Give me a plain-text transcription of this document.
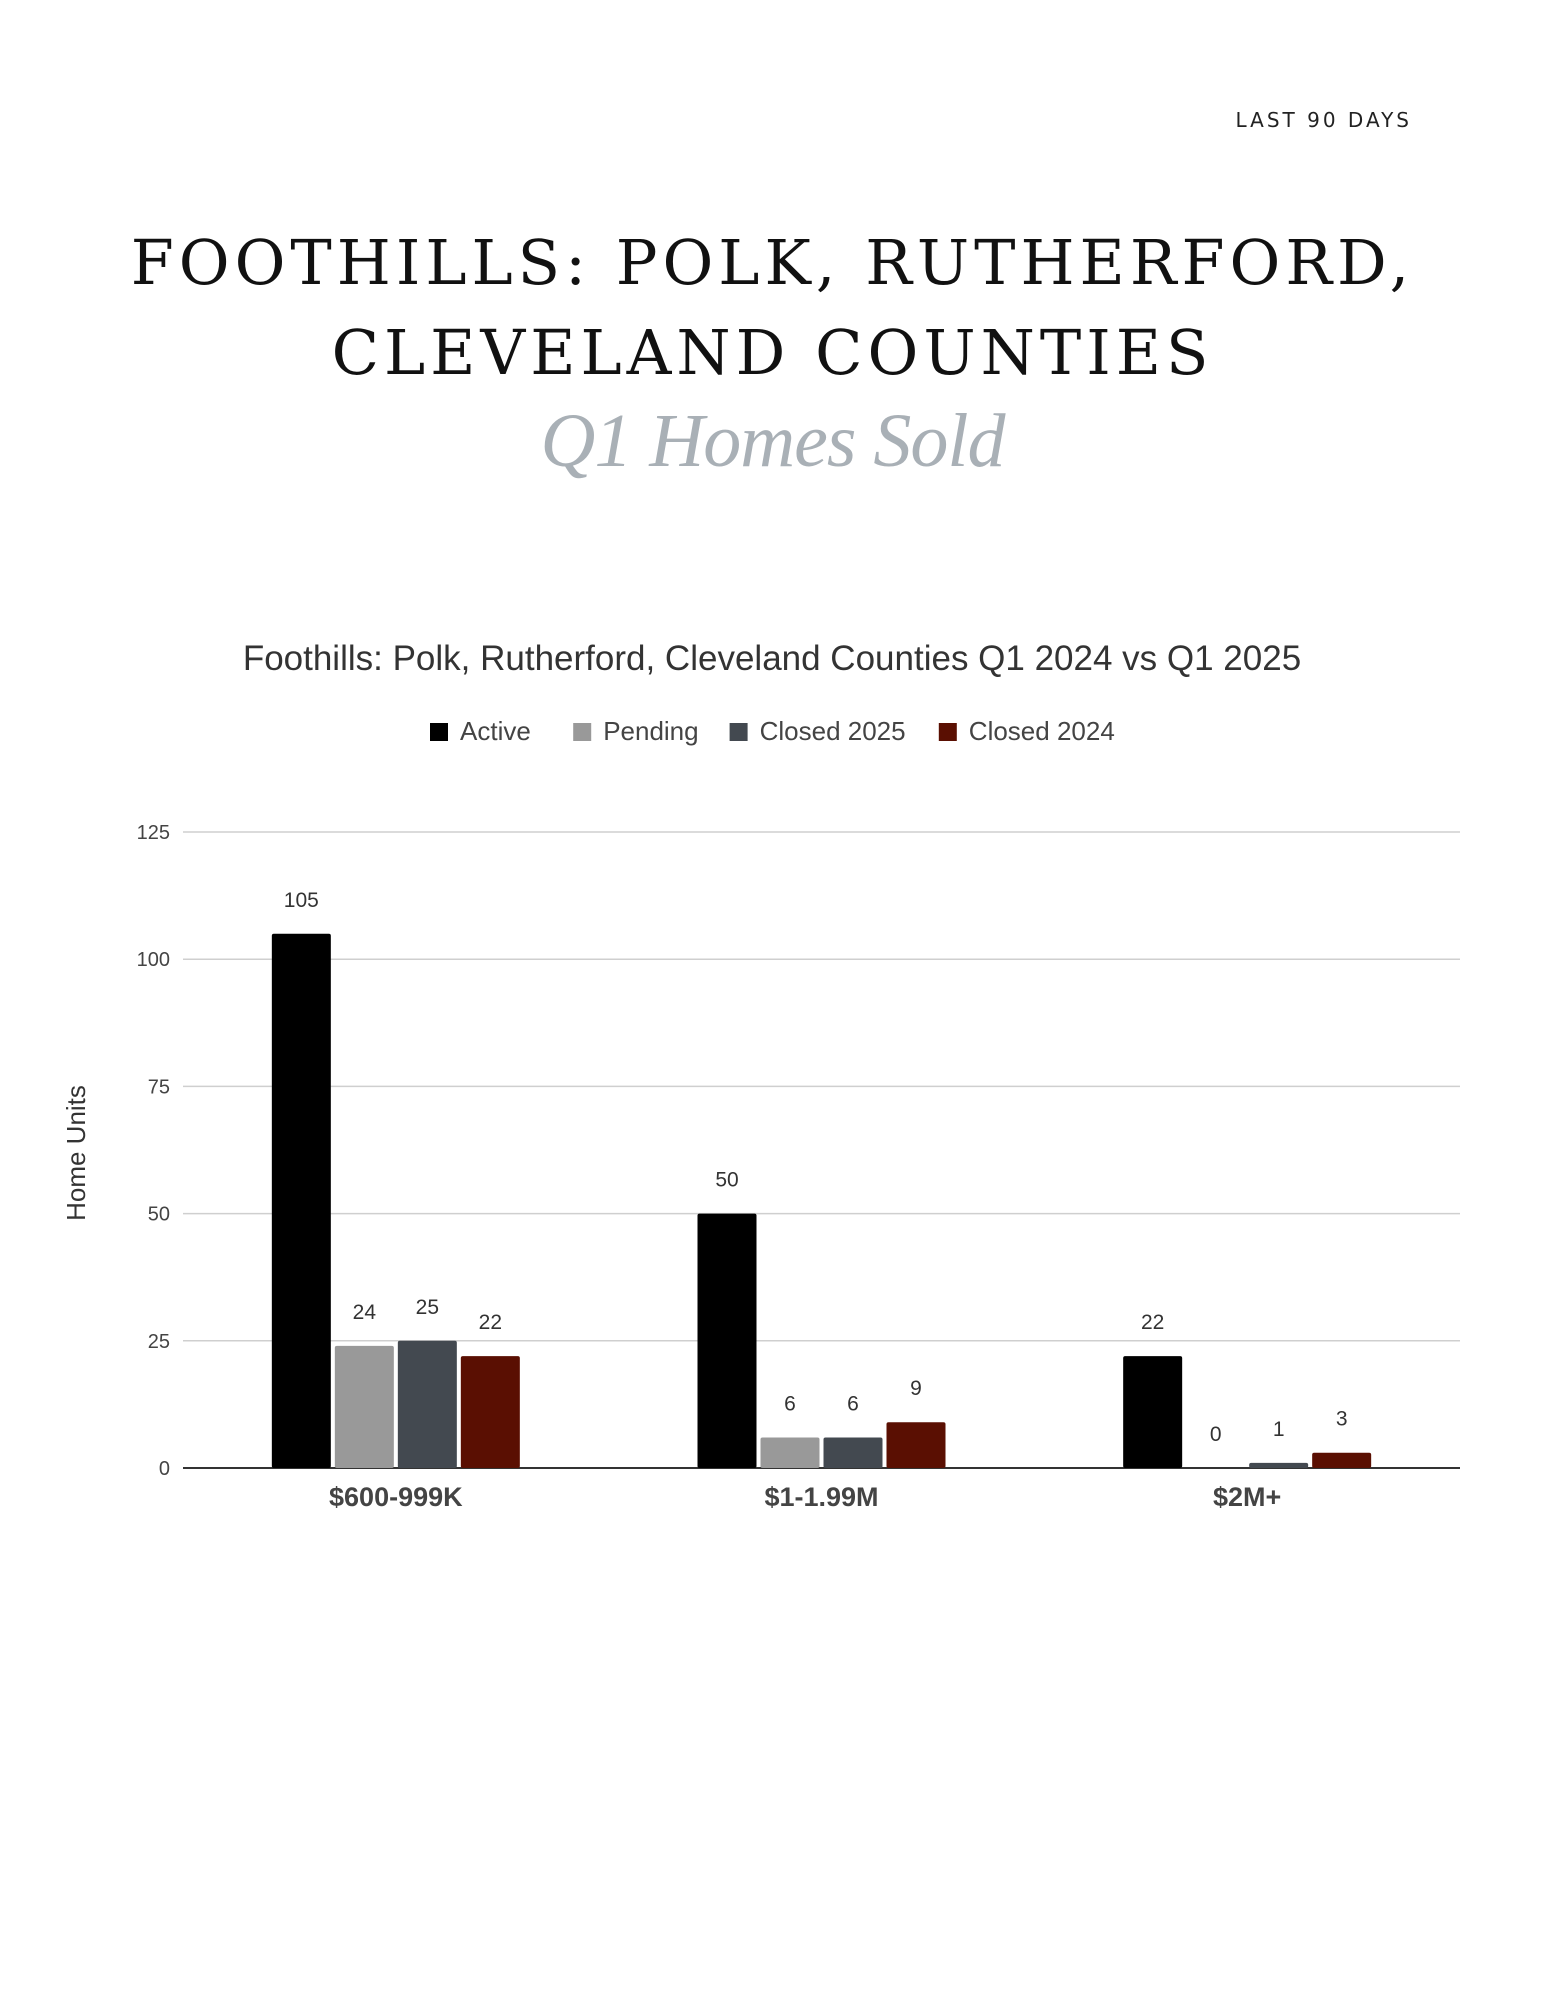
LAST 90 DAYS

FOOTHILLS: POLK, RUTHERFORD,
CLEVELAND COUNTIES

Q1 Homes Sold

Foothills: Polk, Rutherford, Cleveland Counties Q1 2024 vs Q1 2025
Active	Pending Closed 2025 Closed 2024
0
25
50
75
100
125
105
24 25
22
50
6 6
9
22
0 1 3
$600-999K	$1-1.99M	$2M+
Home Units
